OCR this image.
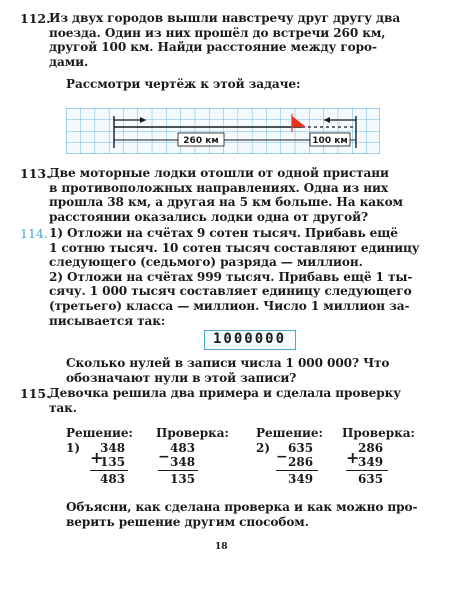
112.
Из двух городов вышли навстречу друг другу два
поезда. Один из них прошёл до встречи 260 км,
другой 100 км. Найди расстояние между горо-
дами.
Рассмотри чертёж к этой задаче:
260 км	100 км
113.
Две моторные лодки отошли от одной пристани
в противоположных направлениях. Одна из них
прошла 38 км, а другая на 5 км больше. На каком
расстоянии оказались лодки одна от другой?
114. 1) Отложи на счётах 9 сотен тысяч. Прибавь ещё
1 сотню тысяч. 10 сотен тысяч составляют единицу
следующего (седьмого) разряда — миллион.
2) Отложи на счётах 999 тысяч. Прибавь ещё 1 ты-
сячу. 1 000 тысяч составляет единицу следующего
(третьего) класса — миллион. Число 1 миллион за-
писывается так:
1000000
Сколько нулей в записи числа 1 000 000? Что
обозначают нули в этой записи?
115.
Девочка решила два примера и сделала проверку
так.
Решение: Проверка: Решение: Проверка:
1) +
348
135
483
−
483
348
135
2)
−
635
286
349
+
286
349
635
Объясни, как сделана проверка и как можно про-
верить решение другим способом.
18
